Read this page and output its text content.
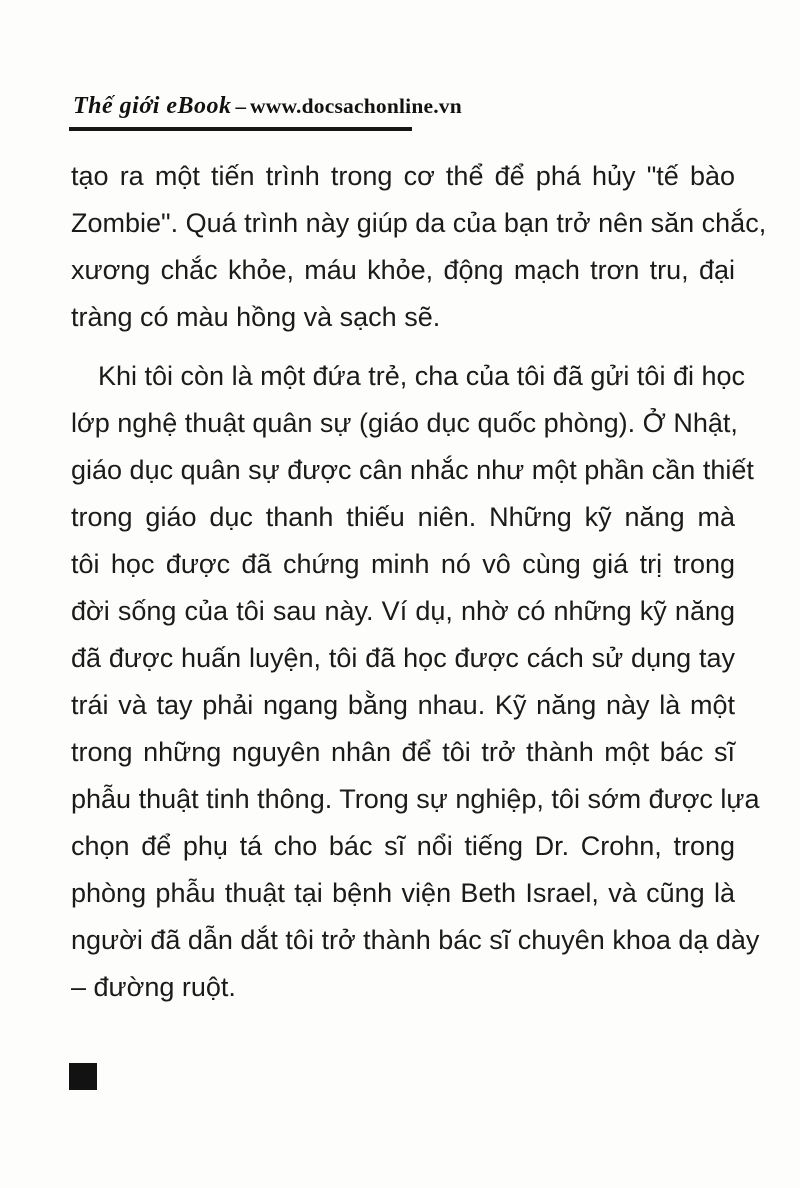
Thế giới eBook – www.docsachonline.vn
tạo ra một tiến trình trong cơ thể để phá hủy "tế bào
Zombie". Quá trình này giúp da của bạn trở nên săn chắc,
xương chắc khỏe, máu khỏe, động mạch trơn tru, đại
tràng có màu hồng và sạch sẽ.
Khi tôi còn là một đứa trẻ, cha của tôi đã gửi tôi đi học
lớp nghệ thuật quân sự (giáo dục quốc phòng). Ở Nhật,
giáo dục quân sự được cân nhắc như một phần cần thiết
trong giáo dục thanh thiếu niên. Những kỹ năng mà
tôi học được đã chứng minh nó vô cùng giá trị trong
đời sống của tôi sau này. Ví dụ, nhờ có những kỹ năng
đã được huấn luyện, tôi đã học được cách sử dụng tay
trái và tay phải ngang bằng nhau. Kỹ năng này là một
trong những nguyên nhân để tôi trở thành một bác sĩ
phẫu thuật tinh thông. Trong sự nghiệp, tôi sớm được lựa
chọn để phụ tá cho bác sĩ nổi tiếng Dr. Crohn, trong
phòng phẫu thuật tại bệnh viện Beth Israel, và cũng là
người đã dẫn dắt tôi trở thành bác sĩ chuyên khoa dạ dày
– đường ruột.
